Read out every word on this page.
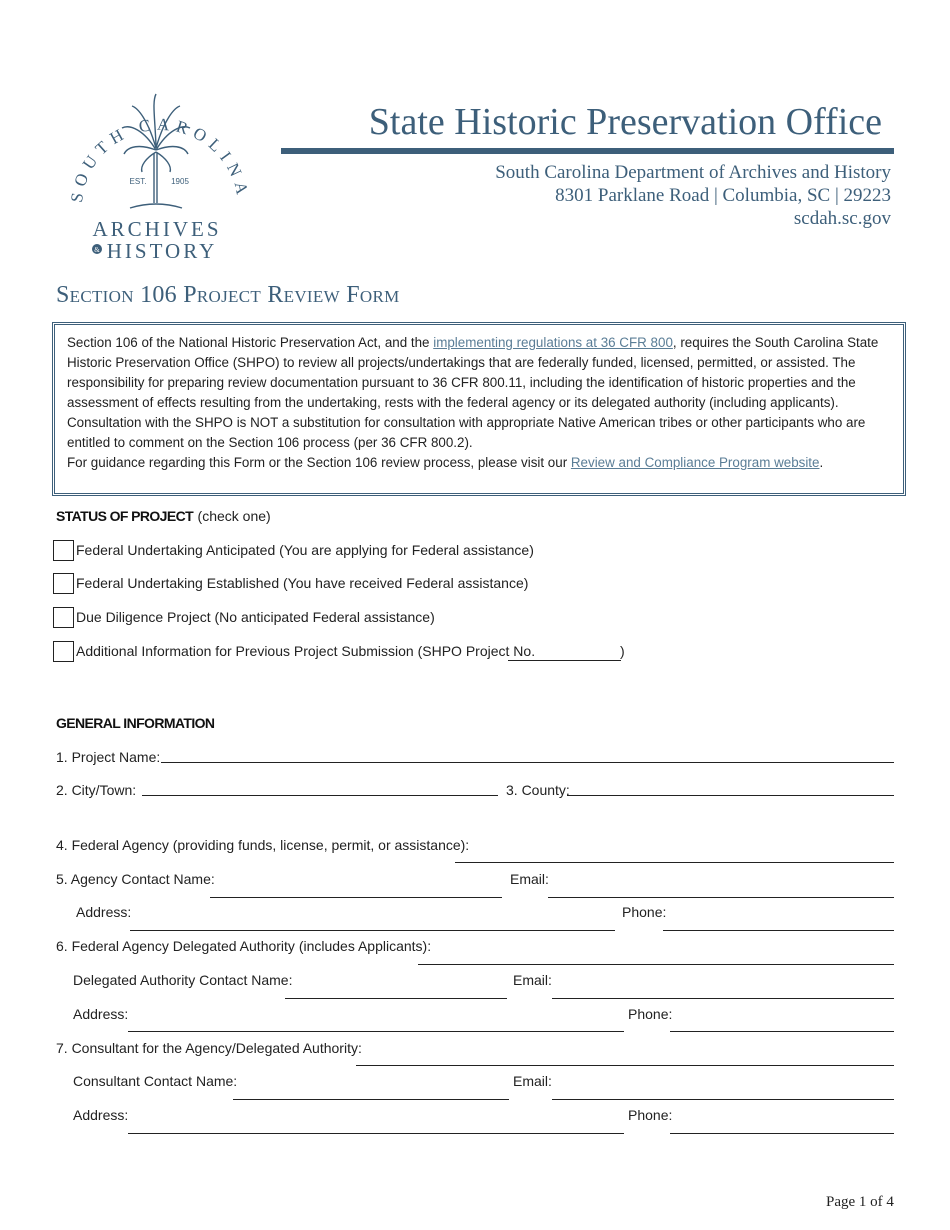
SOUTH CAROLINA
EST.	1905
ARCHIVES
& HISTORY
State Historic Preservation Office
South Carolina Department of Archives and History
8301 Parklane Road | Columbia, SC | 29223
scdah.sc.gov
Section 106 Project Review Form

Section 106 of the National Historic Preservation Act, and the implementing regulations at 36 CFR 800, requires the South Carolina State Historic Preservation Office (SHPO) to review all projects/undertakings that are federally funded, licensed, permitted, or assisted. The responsibility for preparing review documentation pursuant to 36 CFR 800.11, including the identification of historic properties and the assessment of effects resulting from the undertaking, rests with the federal agency or its delegated authority (including applicants). Consultation with the SHPO is NOT a substitution for consultation with appropriate Native American tribes or other participants who are entitled to comment on the Section 106 process (per 36 CFR 800.2).

For guidance regarding this Form or the Section 106 review process, please visit our Review and Compliance Program website.

STATUS OF PROJECT (check one)
Federal Undertaking Anticipated (You are applying for Federal assistance)
Federal Undertaking Established (You have received Federal assistance)
Due Diligence Project (No anticipated Federal assistance)
Additional Information for Previous Project Submission (SHPO Project No.	)
GENERAL INFORMATION
1. Project Name:
2. City/Town:	3. County:
4. Federal Agency (providing funds, license, permit, or assistance):
5. Agency Contact Name:	Email:
Address:	Phone:
6. Federal Agency Delegated Authority (includes Applicants):
Delegated Authority Contact Name:	Email:
Address:	Phone:
7. Consultant for the Agency/Delegated Authority:
Consultant Contact Name:	Email:
Address:	Phone:
Page 1 of 4
